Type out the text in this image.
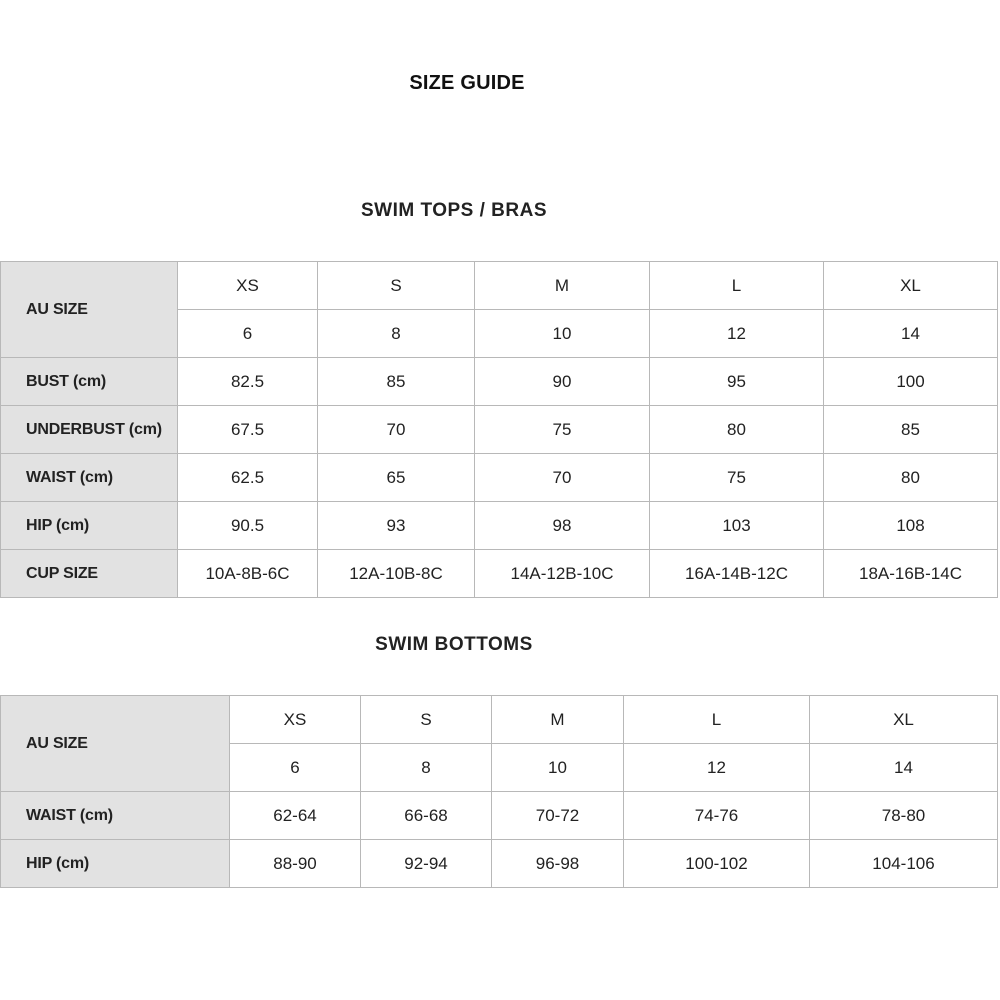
SIZE GUIDE
SWIM TOPS / BRAS
AU SIZE	XS	S	M	L	XL
	6	8	10	12	14
BUST (cm)	82.5	85	90	95	100
UNDERBUST (cm)	67.5	70	75	80	85
WAIST (cm)	62.5	65	70	75	80
HIP (cm)	90.5	93	98	103	108
CUP SIZE	10A-8B-6C	12A-10B-8C	14A-12B-10C	16A-14B-12C	18A-16B-14C
SWIM BOTTOMS
AU SIZE	XS	S	M	L	XL
	6	8	10	12	14
WAIST (cm)	62-64	66-68	70-72	74-76	78-80
HIP (cm)	88-90	92-94	96-98	100-102	104-106
